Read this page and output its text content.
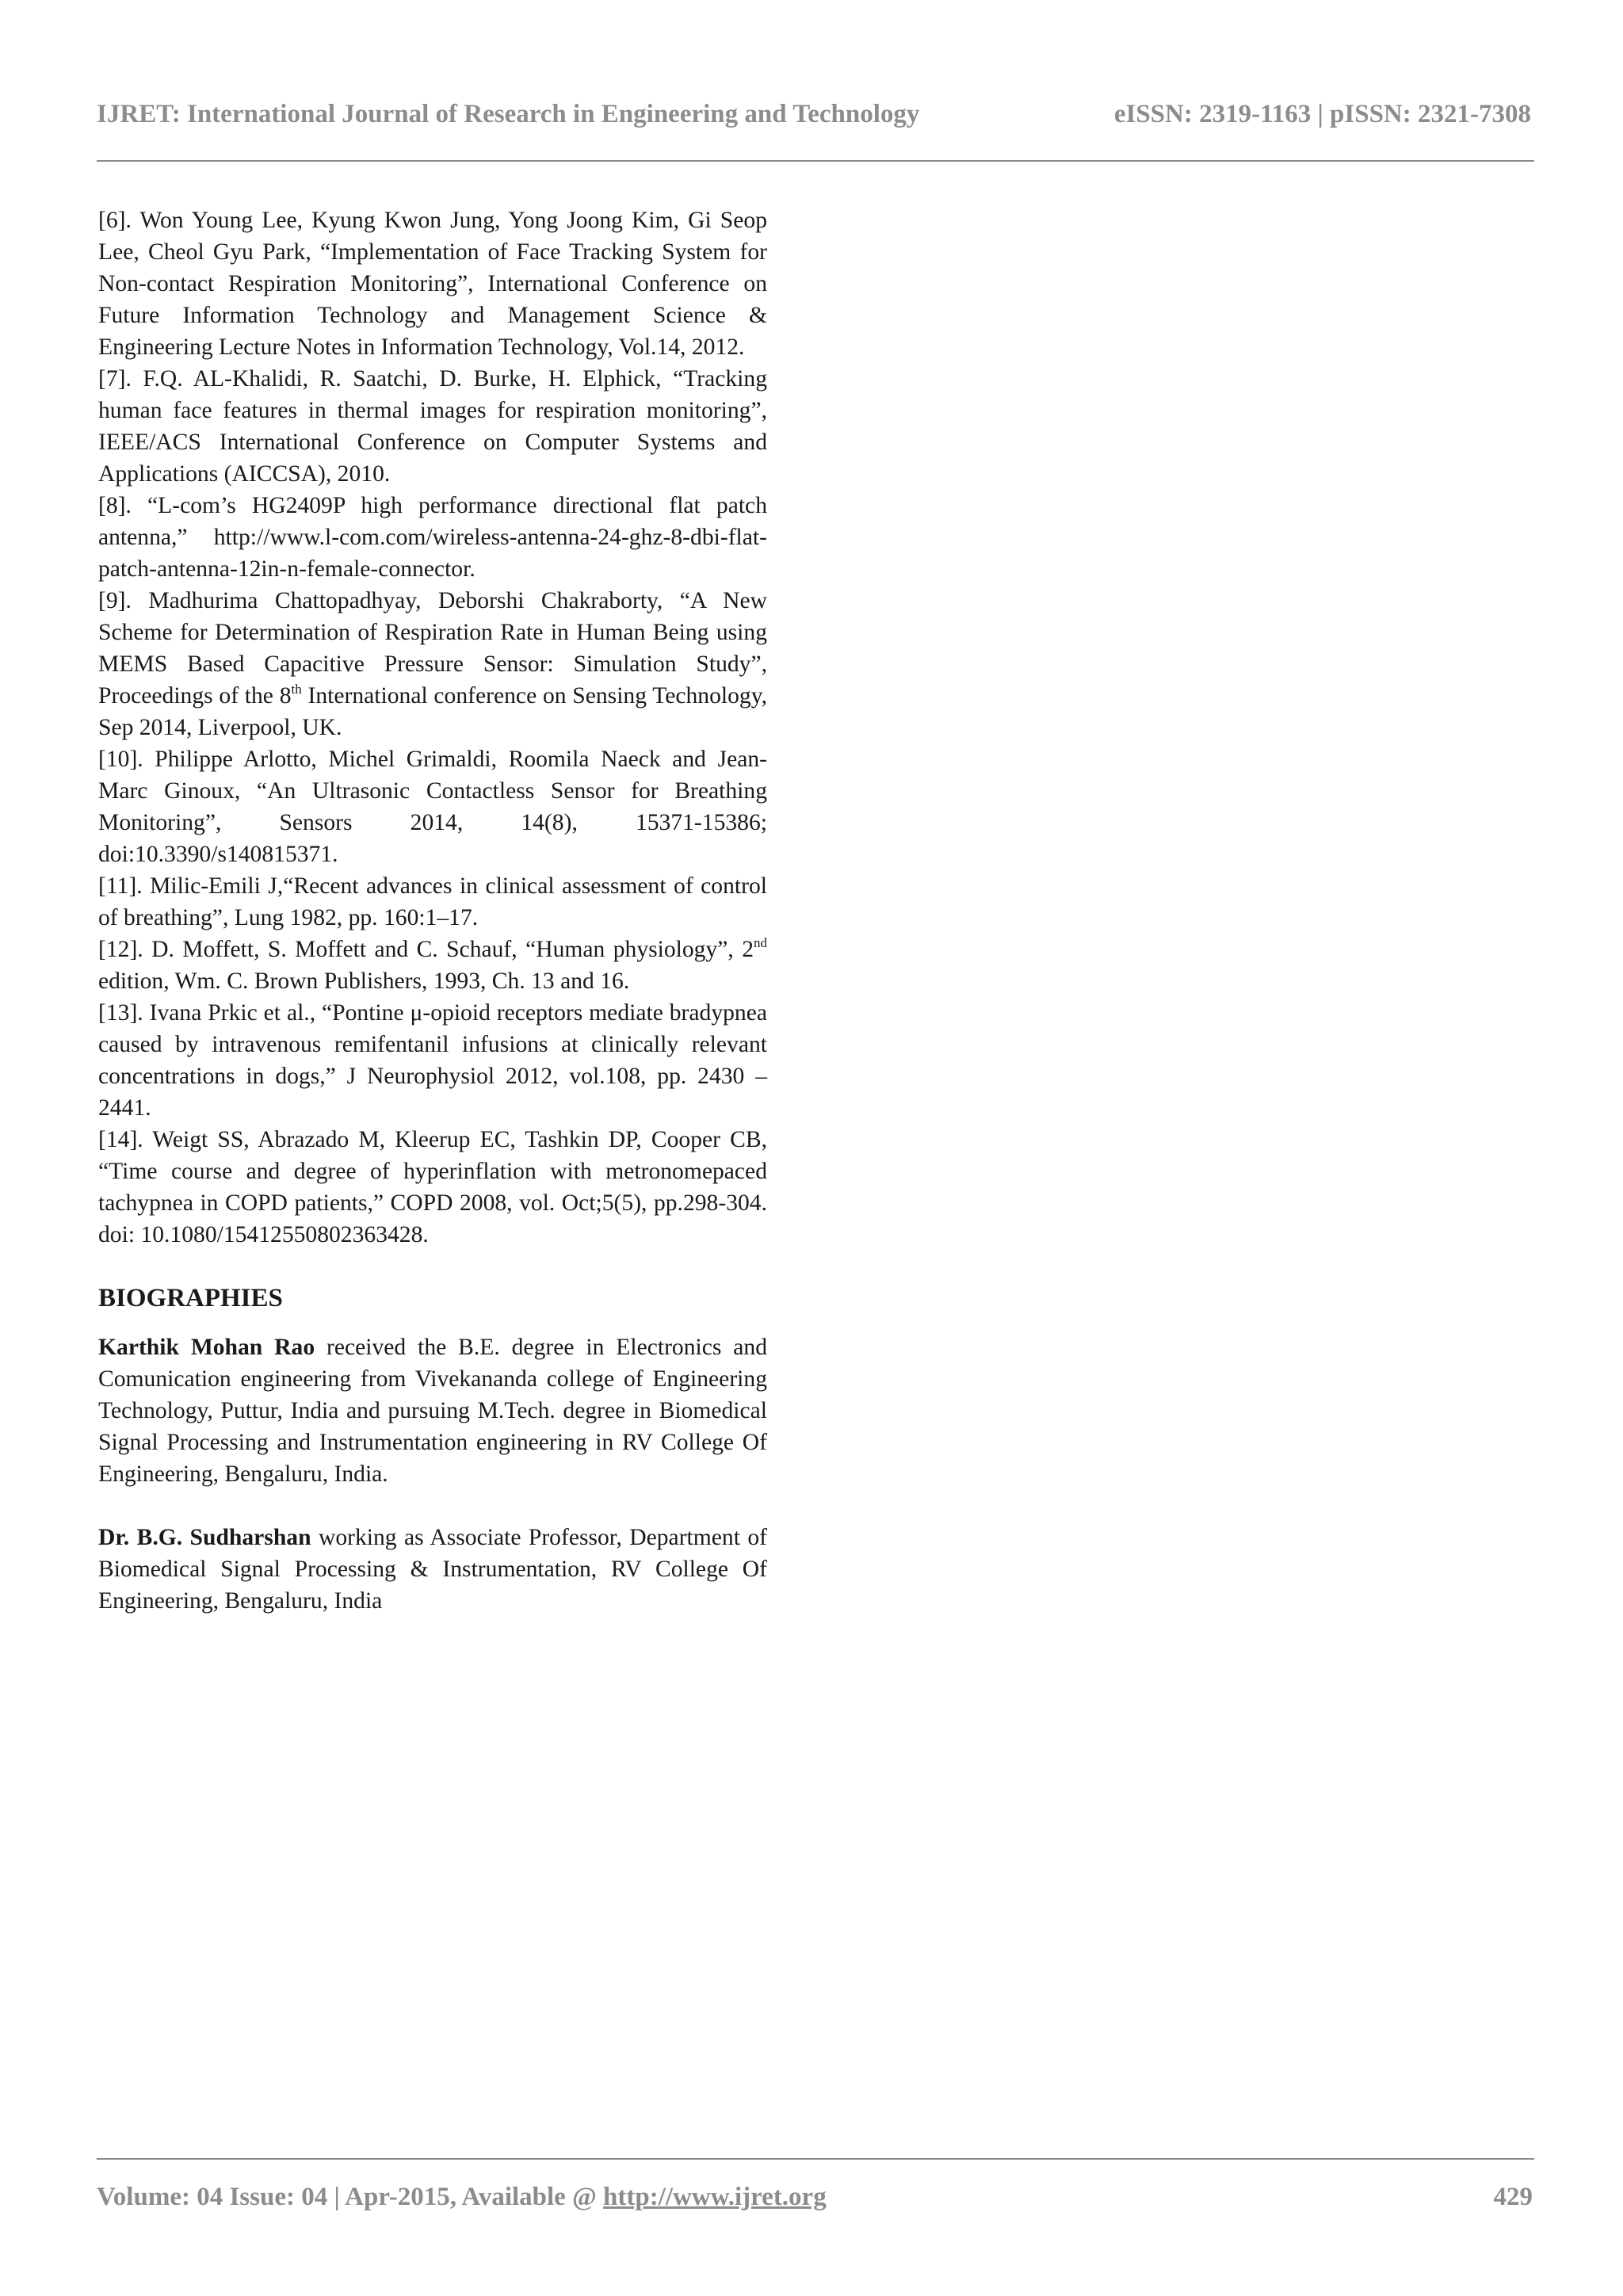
IJRET: International Journal of Research in Engineering and Technology	eISSN: 2319-1163 | pISSN: 2321-7308

[6]. Won Young Lee, Kyung Kwon Jung, Yong Joong Kim, Gi Seop Lee, Cheol Gyu Park, “Implementation of Face Tracking System for Non-contact Respiration Monitoring”, International Conference on Future Information Technology and Management Science & Engineering Lecture Notes in Information Technology, Vol.14, 2012.

[7]. F.Q. AL-Khalidi, R. Saatchi, D. Burke, H. Elphick, “Tracking human face features in thermal images for respiration monitoring”, IEEE/ACS International Conference on Computer Systems and Applications (AICCSA), 2010.

[8]. “L-com’s HG2409P high performance directional flat patch antenna,” http://www.l-com.com/wireless-antenna-24-ghz-8-dbi-flat-patch-antenna-12in-n-female-connector.

[9]. Madhurima Chattopadhyay, Deborshi Chakraborty, “A New Scheme for Determination of Respiration Rate in Human Being using MEMS Based Capacitive Pressure Sensor: Simulation Study”, Proceedings of the 8th International conference on Sensing Technology, Sep 2014, Liverpool, UK.

[10]. Philippe Arlotto, Michel Grimaldi, Roomila Naeck and Jean-Marc Ginoux, “An Ultrasonic Contactless Sensor for Breathing Monitoring”, Sensors 2014, 14(8), 15371-15386; doi:10.3390/s140815371.

[11]. Milic-Emili J,“Recent advances in clinical assessment of control of breathing”, Lung 1982, pp. 160:1–17.

[12]. D. Moffett, S. Moffett and C. Schauf, “Human physiology”, 2nd edition, Wm. C. Brown Publishers, 1993, Ch. 13 and 16.

[13]. Ivana Prkic et al., “Pontine μ-opioid receptors mediate bradypnea caused by intravenous remifentanil infusions at clinically relevant concentrations in dogs,” J Neurophysiol 2012, vol.108, pp. 2430 –2441.

[14]. Weigt SS, Abrazado M, Kleerup EC, Tashkin DP, Cooper CB, “Time course and degree of hyperinflation with metronomepaced tachypnea in COPD patients,” COPD 2008, vol. Oct;5(5), pp.298-304. doi: 10.1080/15412550802363428.

BIOGRAPHIES

Karthik Mohan Rao received the B.E. degree in Electronics and Comunication engineering from Vivekananda college of Engineering Technology, Puttur, India and pursuing M.Tech. degree in Biomedical Signal Processing and Instrumentation engineering in RV College Of Engineering, Bengaluru, India.

Dr. B.G. Sudharshan working as Associate Professor, Department of Biomedical Signal Processing & Instrumentation, RV College Of Engineering, Bengaluru, India

Volume: 04 Issue: 04 | Apr-2015, Available @ http://www.ijret.org	429
